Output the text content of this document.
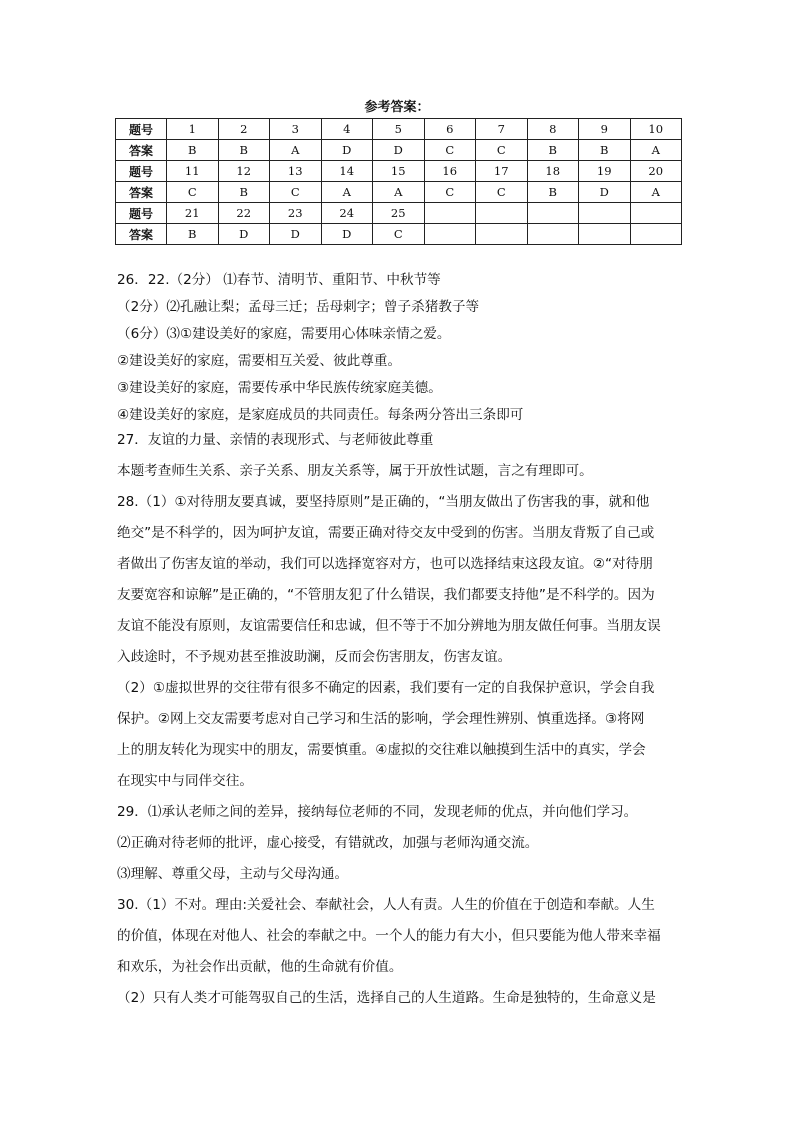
参考答案：
题号	1	2	3	4	5	6	7	8	9	10
答案	B	B	A	D	D	C	C	B	B	A
题号	11	12	13	14	15	16	17	18	19	20
答案	C	B	C	A	A	C	C	B	D	A
题号	21	22	23	24	25					
答案	B	D	D	D	C					

26．22.（2分） ⑴春节、清明节、重阳节、中秋节等

（2分）⑵孔融让梨；孟母三迁；岳母刺字；曾子杀猪教子等

（6分）⑶①建设美好的家庭，需要用心体味亲情之爱。

②建设美好的家庭，需要相互关爱、彼此尊重。

③建设美好的家庭，需要传承中华民族传统家庭美德。

④建设美好的家庭，是家庭成员的共同责任。每条两分答出三条即可

27．友谊的力量、亲情的表现形式、与老师彼此尊重

本题考查师生关系、亲子关系、朋友关系等，属于开放性试题，言之有理即可。

28.（1）①对待朋友要真诚，要坚持原则”是正确的，“当朋友做出了伤害我的事，就和他

绝交”是不科学的，因为呵护友谊，需要正确对待交友中受到的伤害。当朋友背叛了自己或

者做出了伤害友谊的举动，我们可以选择宽容对方，也可以选择结束这段友谊。②“对待朋

友要宽容和谅解”是正确的，“不管朋友犯了什么错误，我们都要支持他”是不科学的。因为

友谊不能没有原则，友谊需要信任和忠诚，但不等于不加分辨地为朋友做任何事。当朋友误

入歧途时，不予规劝甚至推波助澜，反而会伤害朋友，伤害友谊。

（2）①虚拟世界的交往带有很多不确定的因素，我们要有一定的自我保护意识，学会自我

保护。②网上交友需要考虑对自己学习和生活的影响，学会理性辨别、慎重选择。③将网

上的朋友转化为现实中的朋友，需要慎重。④虚拟的交往难以触摸到生活中的真实，学会

在现实中与同伴交往。

29．⑴承认老师之间的差异，接纳每位老师的不同，发现老师的优点，并向他们学习。

⑵正确对待老师的批评，虚心接受，有错就改，加强与老师沟通交流。

⑶理解、尊重父母，主动与父母沟通。

30.（1）不对。理由:关爱社会、奉献社会，人人有责。人生的价值在于创造和奉献。人生

的价值，体现在对他人、社会的奉献之中。一个人的能力有大小，但只要能为他人带来幸福

和欢乐，为社会作出贡献，他的生命就有价值。

（2）只有人类才可能驾驭自己的生活，选择自己的人生道路。生命是独特的，生命意义是
